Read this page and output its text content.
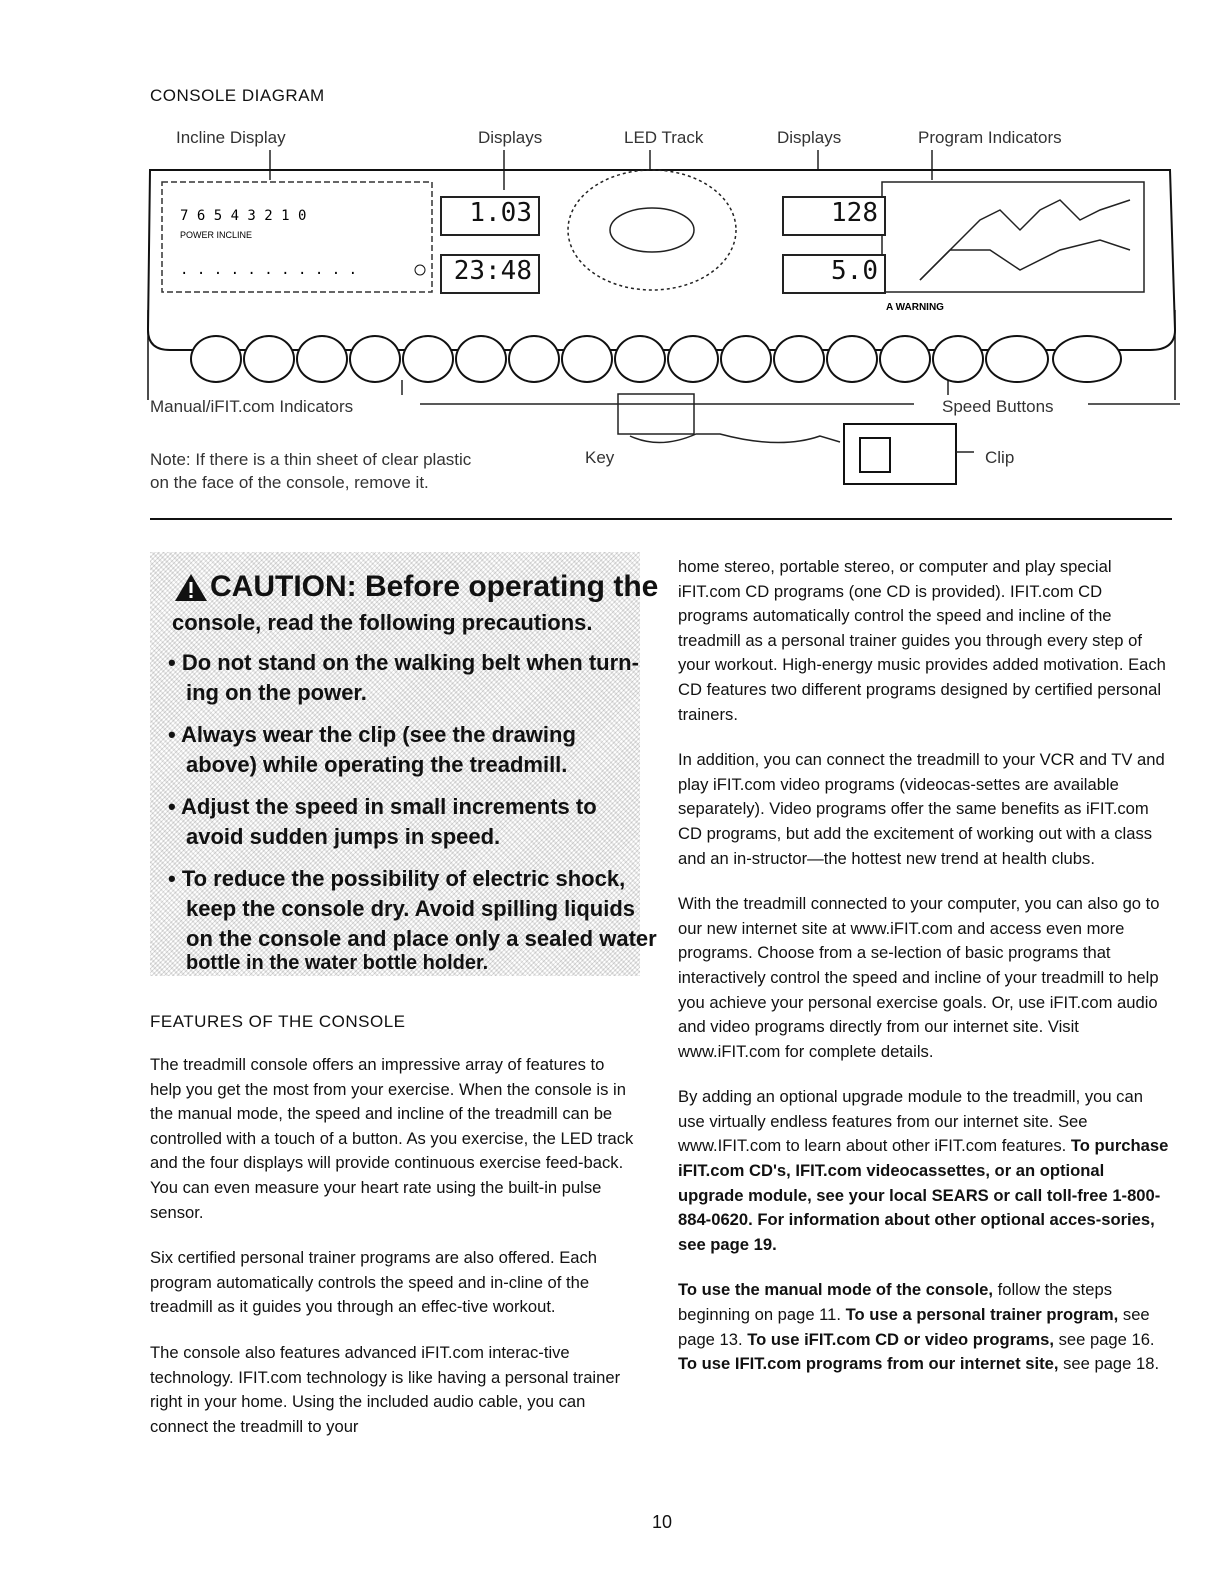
CONSOLE DIAGRAM
Incline Display	Displays	LED Track	Displays	Program Indicators
7 6 5 4 3 2 1 0
POWER INCLINE
. . . . . . . . . . .
A WARNING
1.03
23:48
128
5.0
Manual/iFIT.com Indicators	Speed Buttons
Key	Clip
Note: If there is a thin sheet of clear plastic
on the face of the console, remove it.
CAUTION: Before operating the
console, read the following precautions.
• Do not stand on the walking belt when turn-
ing on the power.
• Always wear the clip (see the drawing
above) while operating the treadmill.
• Adjust the speed in small increments to
avoid sudden jumps in speed.
• To reduce the possibility of electric shock,
keep the console dry. Avoid spilling liquids
on the console and place only a sealed water
bottle in the water bottle holder.
FEATURES OF THE CONSOLE

The treadmill console offers an impressive array of features to help you get the most from your exercise. When the console is in the manual mode, the speed and incline of the treadmill can be controlled with a touch of a button. As you exercise, the LED track and the four displays will provide continuous exercise feed-back. You can even measure your heart rate using the built-in pulse sensor.

Six certified personal trainer programs are also offered. Each program automatically controls the speed and in-cline of the treadmill as it guides you through an effec-tive workout.

The console also features advanced iFIT.com interac-tive technology. IFIT.com technology is like having a personal trainer right in your home. Using the included audio cable, you can connect the treadmill to your

home stereo, portable stereo, or computer and play special iFIT.com CD programs (one CD is provided). IFIT.com CD programs automatically control the speed and incline of the treadmill as a personal trainer guides you through every step of your workout. High-energy music provides added motivation. Each CD features two different programs designed by certified personal trainers.

In addition, you can connect the treadmill to your VCR and TV and play iFIT.com video programs (videocas-settes are available separately). Video programs offer the same benefits as iFIT.com CD programs, but add the excitement of working out with a class and an in-structor—the hottest new trend at health clubs.

With the treadmill connected to your computer, you can also go to our new internet site at www.iFIT.com and access even more programs. Choose from a se-lection of basic programs that interactively control the speed and incline of your treadmill to help you achieve your personal exercise goals. Or, use iFIT.com audio and video programs directly from our internet site. Visit www.iFIT.com for complete details.

By adding an optional upgrade module to the treadmill, you can use virtually endless features from our internet site. See www.IFIT.com to learn about other iFIT.com features. To purchase iFIT.com CD's, IFIT.com videocassettes, or an optional upgrade module, see your local SEARS or call toll-free 1-800-884-0620. For information about other optional acces-sories, see page 19.

To use the manual mode of the console, follow the steps beginning on page 11. To use a personal trainer program, see page 13. To use iFIT.com CD or video programs, see page 16. To use IFIT.com programs from our internet site, see page 18.

10
